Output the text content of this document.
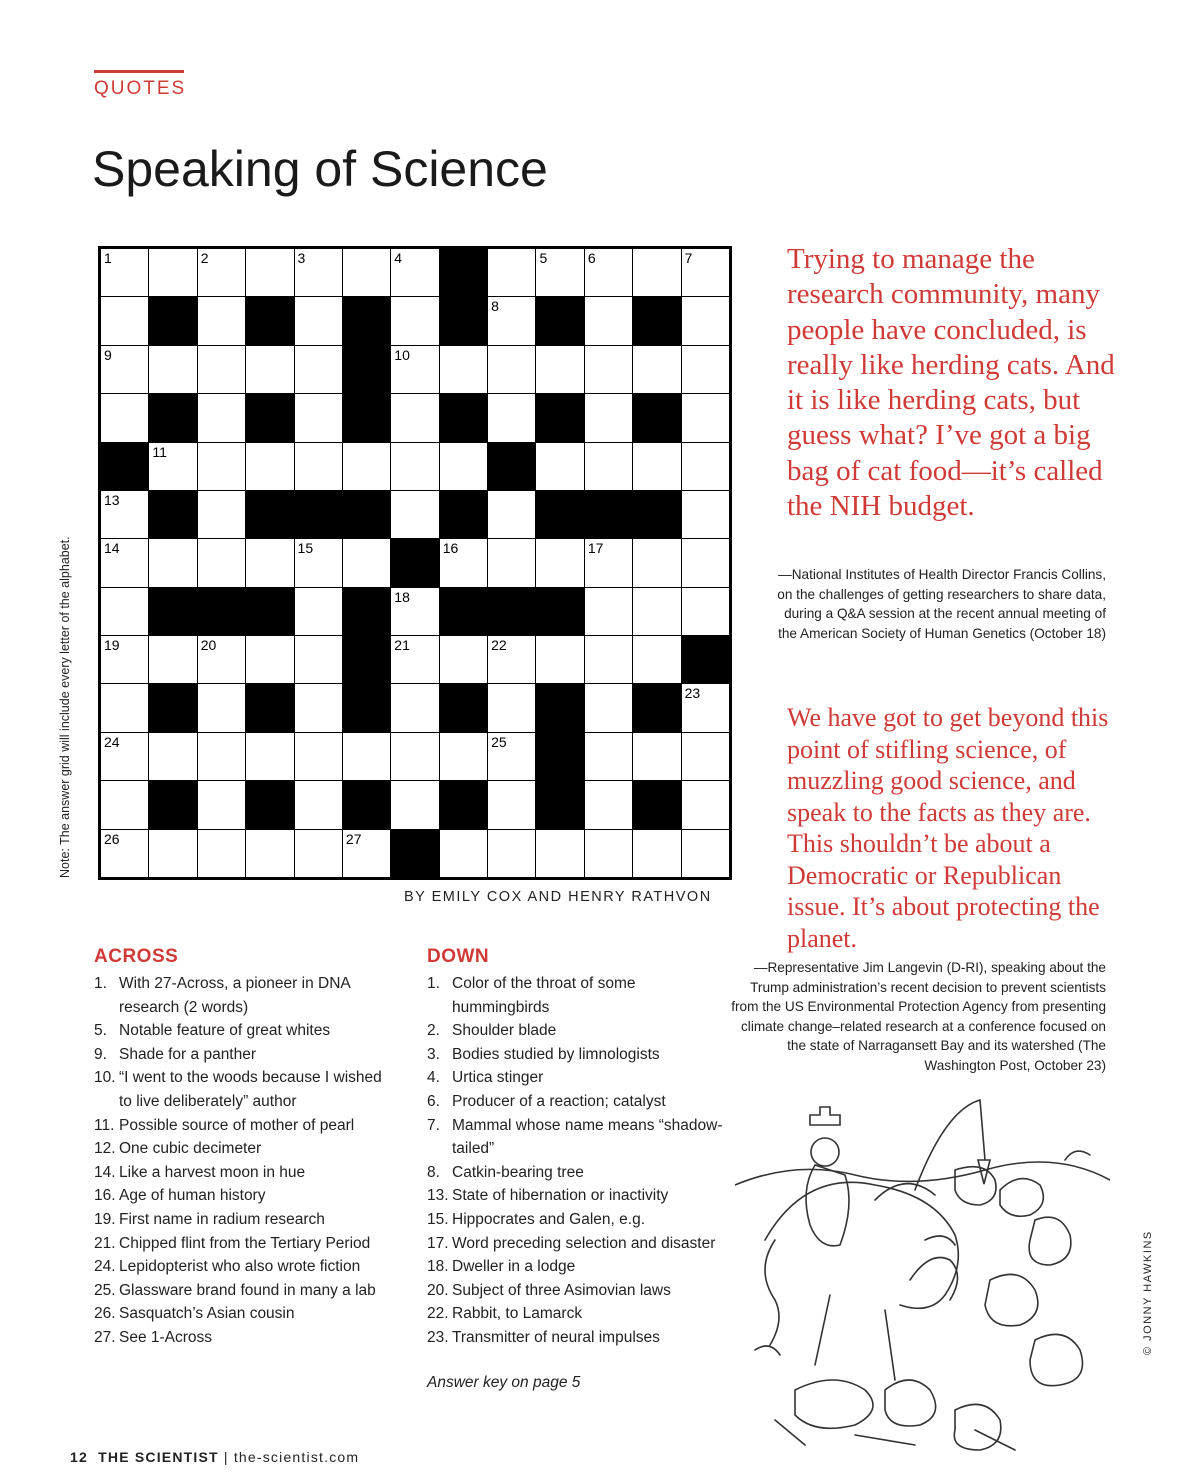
QUOTES
Speaking of Science
Note: The answer grid will include every letter of the alphabet.
1	2	3	4	5	6	7
8
9	10
11	12
13
14	15	16	17
18
19	20	21	22
23
24	25
26	27
BY EMILY COX AND HENRY RATHVON
ACROSS
1. With 27-Across, a pioneer in DNA research (2 words)
5. Notable feature of great whites
9. Shade for a panther
10. “I went to the woods because I wished to live deliberately” author
11. Possible source of mother of pearl
12. One cubic decimeter
14. Like a harvest moon in hue
16. Age of human history
19. First name in radium research
21. Chipped flint from the Tertiary Period
24. Lepidopterist who also wrote fiction
25. Glassware brand found in many a lab
26. Sasquatch’s Asian cousin
27. See 1-Across
DOWN
1. Color of the throat of some hummingbirds
2. Shoulder blade
3. Bodies studied by limnologists
4. Urtica stinger
6. Producer of a reaction; catalyst
7. Mammal whose name means “shadow-tailed”
8. Catkin-bearing tree
13. State of hibernation or inactivity
15. Hippocrates and Galen, e.g.
17. Word preceding selection and disaster
18. Dweller in a lodge
20. Subject of three Asimovian laws
22. Rabbit, to Lamarck
23. Transmitter of neural impulses
Answer key on page 5
Trying to manage the research community, many people have concluded, is really like herding cats. And it is like herding cats, but guess what? I’ve got a big bag of cat food—it’s called the NIH budget.
—National Institutes of Health Director Francis Collins, on the challenges of getting researchers to share data, during a Q&A session at the recent annual meeting of the American Society of Human Genetics (October 18)
We have got to get beyond this point of stifling science, of muzzling good science, and speak to the facts as they are. This shouldn’t be about a Democratic or Republican issue. It’s about protecting the planet.
—Representative Jim Langevin (D-RI), speaking about the Trump administration’s recent decision to prevent scientists from the US Environmental Protection Agency from presenting climate change–related research at a conference focused on the state of Narragansett Bay and its watershed (The Washington Post, October 23)
© JONNY HAWKINS
12 THE SCIENTIST | the-scientist.com
